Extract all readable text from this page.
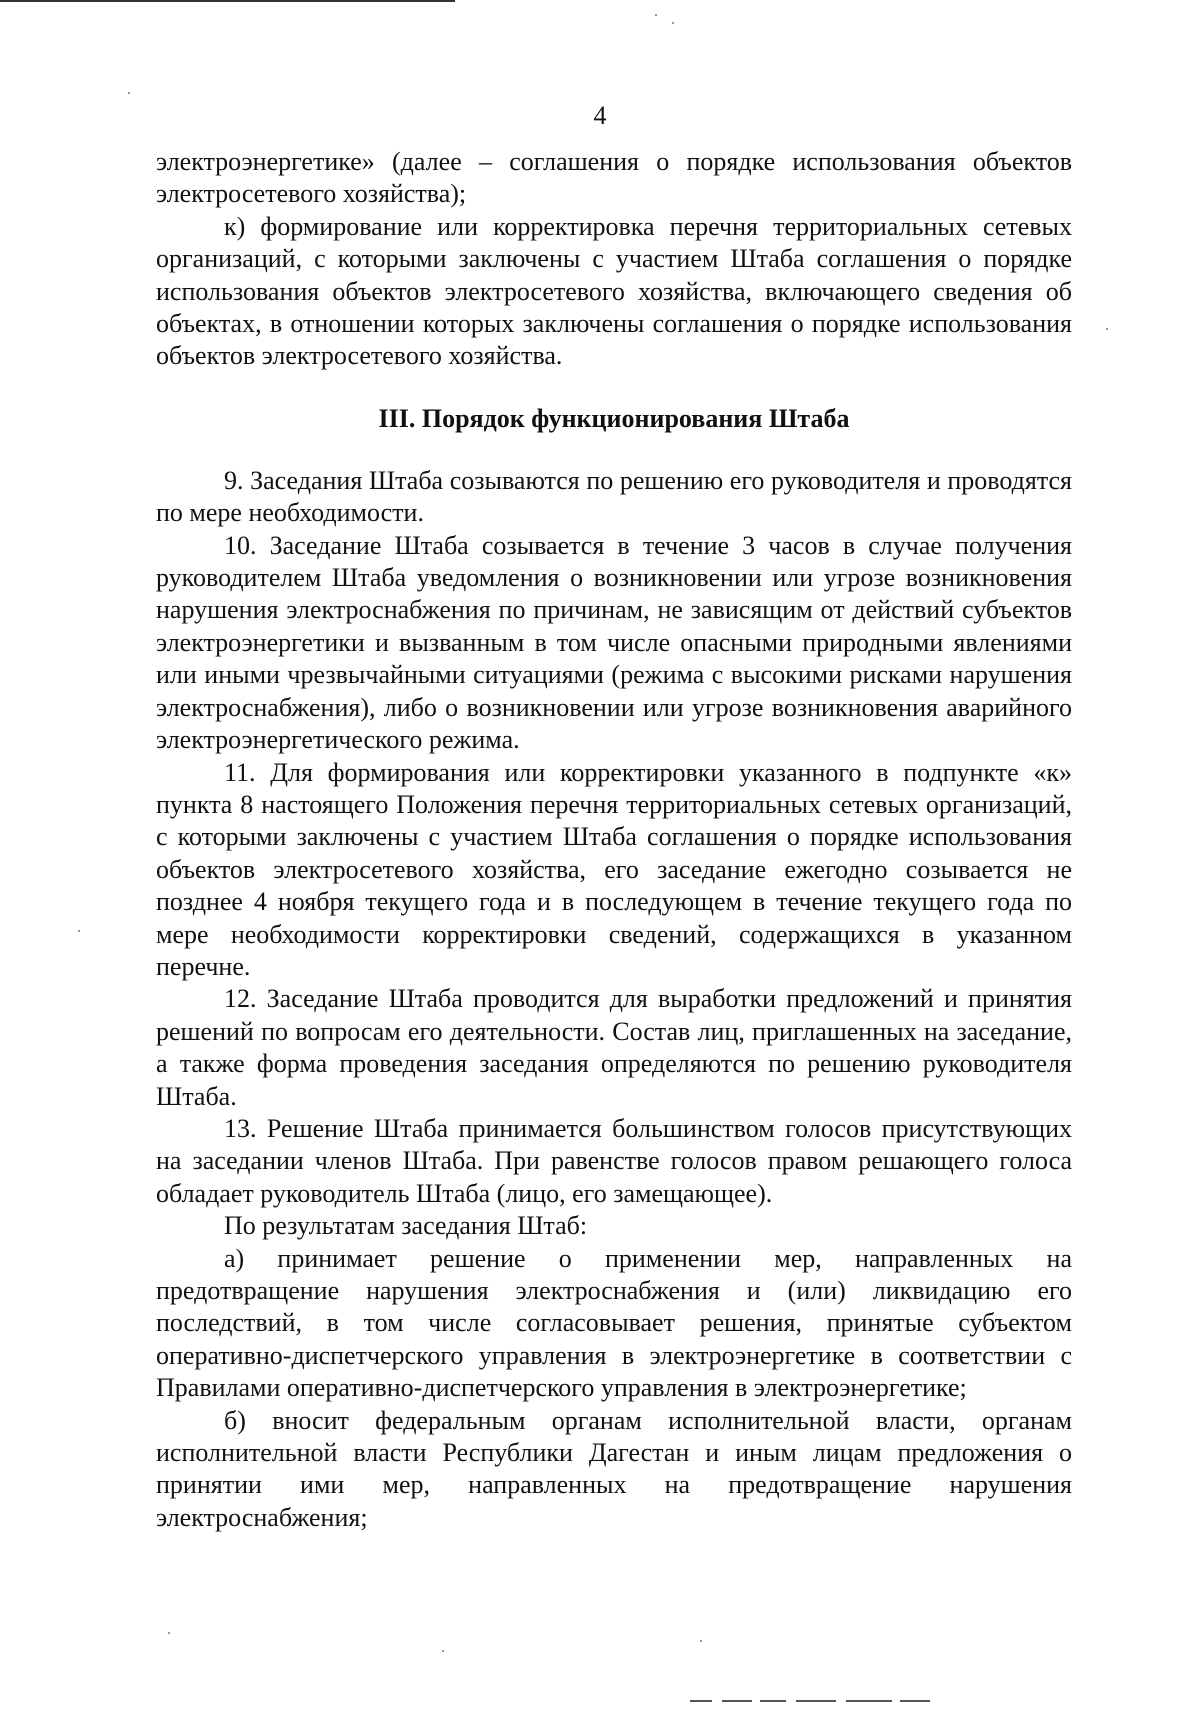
4

электроэнергетике» (далее – соглашения о порядке использования объектов электросетевого хозяйства);

к) формирование или корректировка перечня территориальных сетевых организаций, с которыми заключены с участием Штаба соглашения о порядке использования объектов электросетевого хозяйства, включающего сведения об объектах, в отношении которых заключены соглашения о порядке использования объектов электросетевого хозяйства.

III. Порядок функционирования Штаба

9. Заседания Штаба созываются по решению его руководителя и проводятся по мере необходимости.

10. Заседание Штаба созывается в течение 3 часов в случае получения руководителем Штаба уведомления о возникновении или угрозе возникновения нарушения электроснабжения по причинам, не зависящим от действий субъектов электроэнергетики и вызванным в том числе опасными природными явлениями или иными чрезвычайными ситуациями (режима с высокими рисками нарушения электроснабжения), либо о возникновении или угрозе возникновения аварийного электроэнергетического режима.

11. Для формирования или корректировки указанного в подпункте «к» пункта 8 настоящего Положения перечня территориальных сетевых организаций, с которыми заключены с участием Штаба соглашения о порядке использования объектов электросетевого хозяйства, его заседание ежегодно созывается не позднее 4 ноября текущего года и в последующем в течение текущего года по мере необходимости корректировки сведений, содержащихся в указанном перечне.

12. Заседание Штаба проводится для выработки предложений и принятия решений по вопросам его деятельности. Состав лиц, приглашенных на заседание, а также форма проведения заседания определяются по решению руководителя Штаба.

13. Решение Штаба принимается большинством голосов присутствующих на заседании членов Штаба. При равенстве голосов правом решающего голоса обладает руководитель Штаба (лицо, его замещающее).

По результатам заседания Штаб:

а) принимает решение о применении мер, направленных на предотвращение нарушения электроснабжения и (или) ликвидацию его последствий, в том числе согласовывает решения, принятые субъектом оперативно-диспетчерского управления в электроэнергетике в соответствии с Правилами оперативно-диспетчерского управления в электроэнергетике;

б) вносит федеральным органам исполнительной власти, органам исполнительной власти Республики Дагестан и иным лицам предложения о принятии ими мер, направленных на предотвращение нарушения электроснабжения;
